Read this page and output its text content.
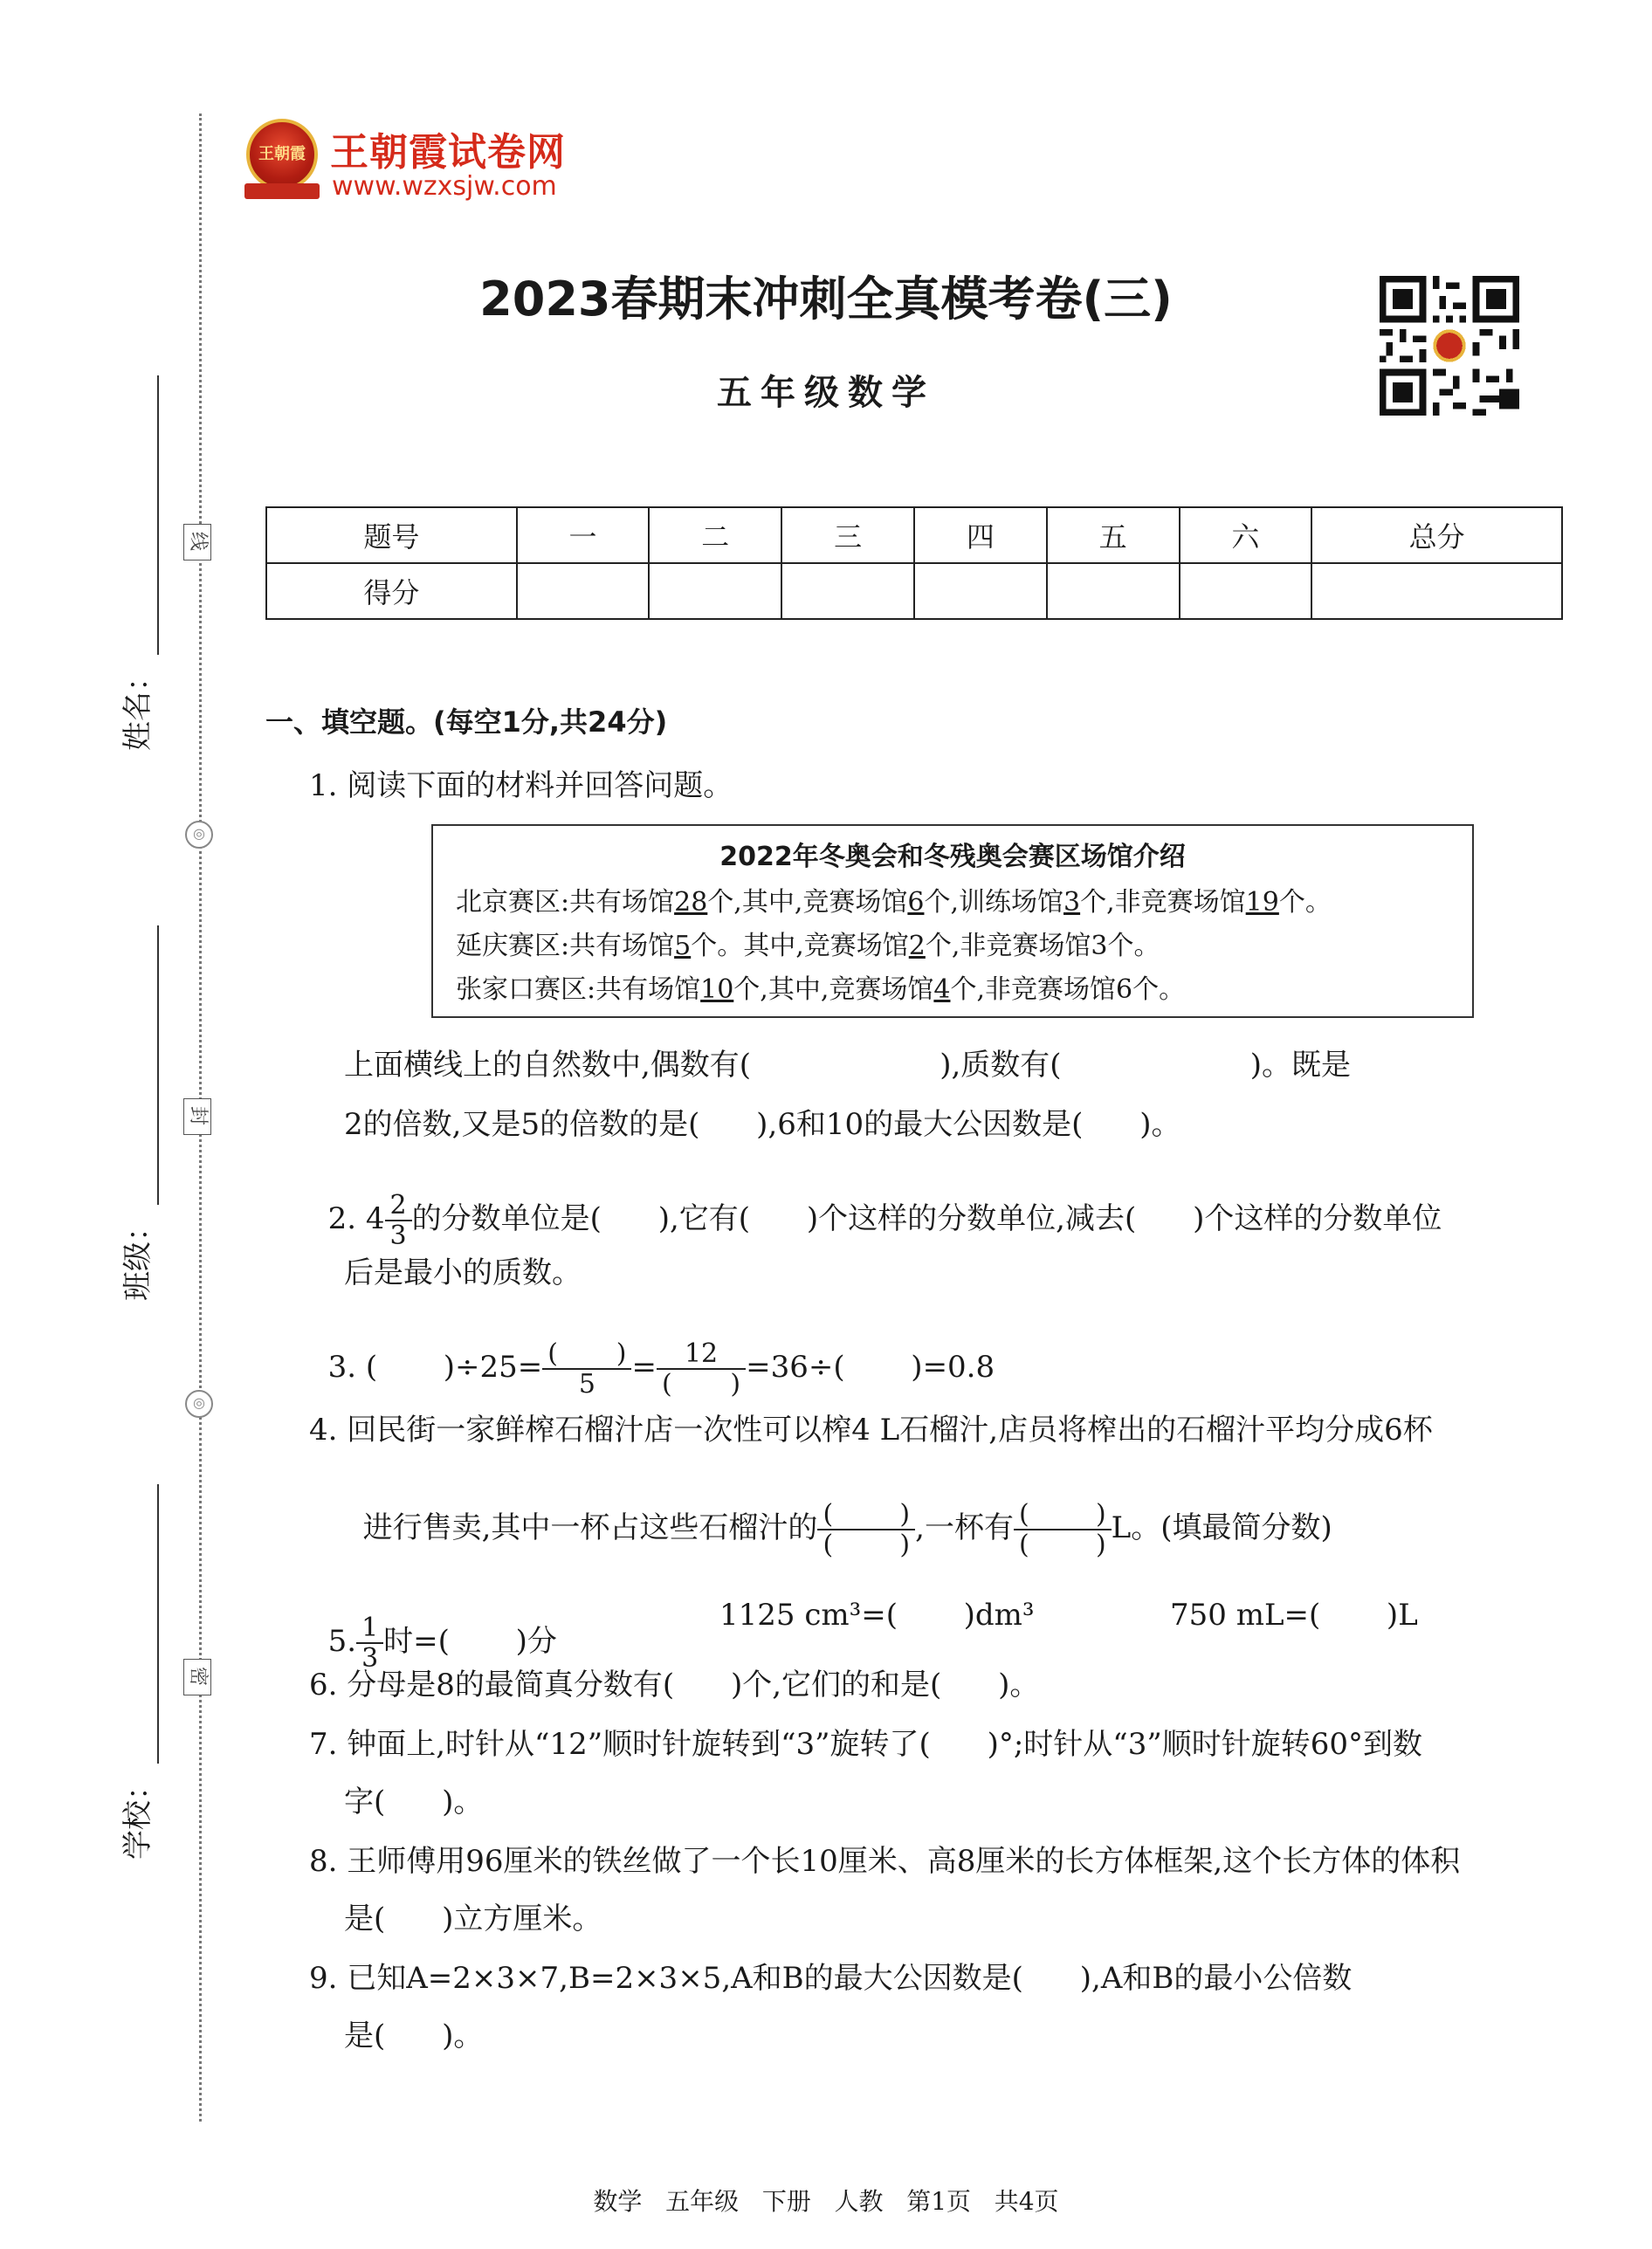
线
◎
封
◎
密
姓名：
班级：
学校：
王朝霞 王朝霞试卷网
www.wzxsjw.com
2023春期末冲刺全真模考卷(三)
五年级数学
题号	一	二	三	四	五	六	总分
得分							
一、填空题。(每空1分,共24分)
1. 阅读下面的材料并回答问题。
2022年冬奥会和冬残奥会赛区场馆介绍
北京赛区:共有场馆28个,其中,竞赛场馆6个,训练场馆3个,非竞赛场馆19个。
延庆赛区:共有场馆5个。其中,竞赛场馆2个,非竞赛场馆3个。
张家口赛区:共有场馆10个,其中,竞赛场馆4个,非竞赛场馆6个。
上面横线上的自然数中,偶数有(                    ),质数有(                    )。既是
2的倍数,又是5的倍数的是(      ),6和10的最大公因数是(      )。

2. $4 \frac{2}{3}$ 的分数单位是(      ),它有(      )个这样的分数单位,减去(      )个这样的分数单位

后是最小的质数。

3. (       )$\div 25= \frac{( )}{5} = \frac{12}{( )} =36\div$(       )=0.8

4. 回民街一家鲜榨石榴汁店一次性可以榨4 L石榴汁,店员将榨出的石榴汁平均分成6杯

进行售卖,其中一杯占这些石榴汁的 $\frac{( )}{( )}$ ,一杯有 $\frac{( )}{( )}$ L。(填最简分数)

5. $\frac{1}{3}$ 时=(       )分

1125 cm³=(       )dm³	750 mL=(       )L
6. 分母是8的最简真分数有(      )个,它们的和是(      )。
7. 钟面上,时针从“12”顺时针旋转到“3”旋转了(      )°;时针从“3”顺时针旋转60°到数
字(      )。
8. 王师傅用96厘米的铁丝做了一个长10厘米、高8厘米的长方体框架,这个长方体的体积
是(      )立方厘米。
9. 已知A=2×3×7,B=2×3×5,A和B的最大公因数是(      ),A和B的最小公倍数
是(      )。
数学   五年级   下册   人教   第1页   共4页
